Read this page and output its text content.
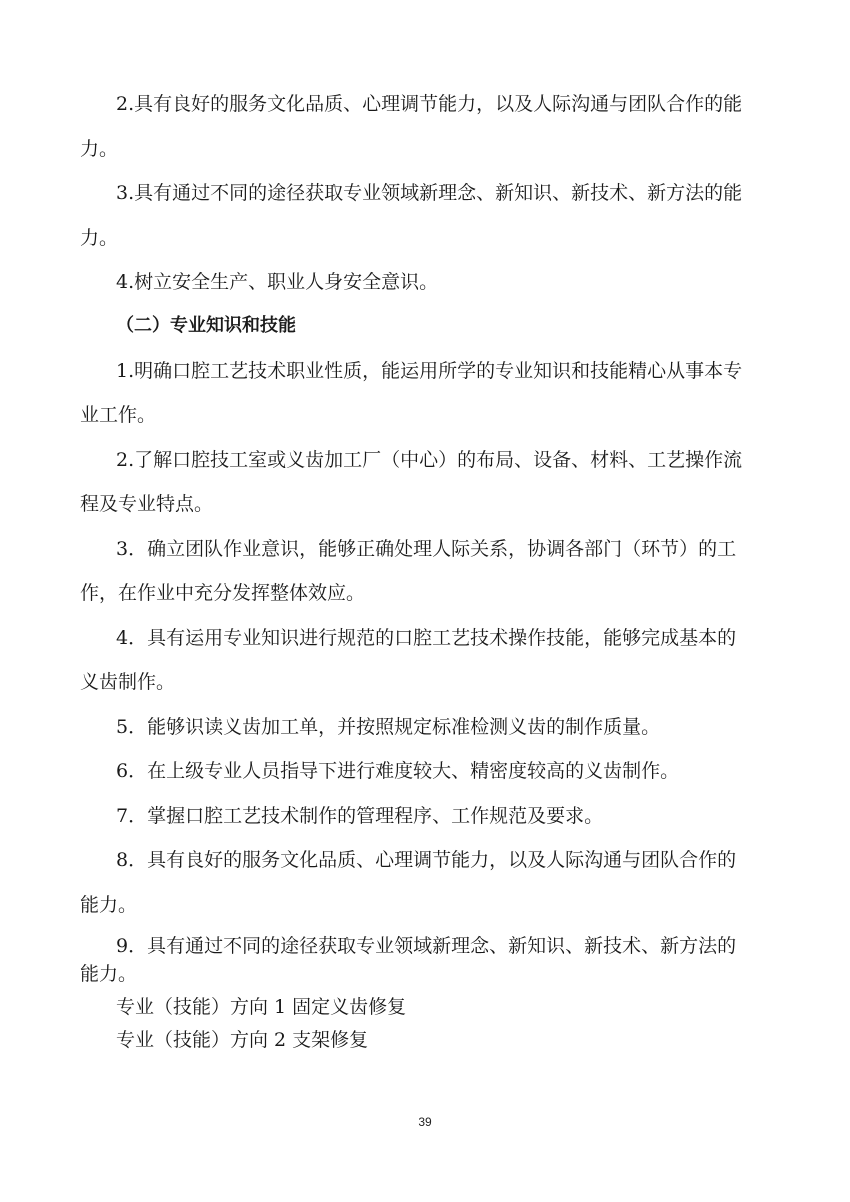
2.具有良好的服务文化品质、心理调节能力，以及人际沟通与团队合作的能
力。
3.具有通过不同的途径获取专业领域新理念、新知识、新技术、新方法的能
力。
4.树立安全生产、职业人身安全意识。
（二）专业知识和技能
1.明确口腔工艺技术职业性质，能运用所学的专业知识和技能精心从事本专
业工作。
2.了解口腔技工室或义齿加工厂（中心）的布局、设备、材料、工艺操作流
程及专业特点。
3．确立团队作业意识，能够正确处理人际关系，协调各部门（环节）的工
作，在作业中充分发挥整体效应。
4．具有运用专业知识进行规范的口腔工艺技术操作技能，能够完成基本的
义齿制作。
5．能够识读义齿加工单，并按照规定标准检测义齿的制作质量。
6．在上级专业人员指导下进行难度较大、精密度较高的义齿制作。
7．掌握口腔工艺技术制作的管理程序、工作规范及要求。
8．具有良好的服务文化品质、心理调节能力，以及人际沟通与团队合作的
能力。
9．具有通过不同的途径获取专业领域新理念、新知识、新技术、新方法的
能力。
专业（技能）方向 1 固定义齿修复
专业（技能）方向 2 支架修复
39
